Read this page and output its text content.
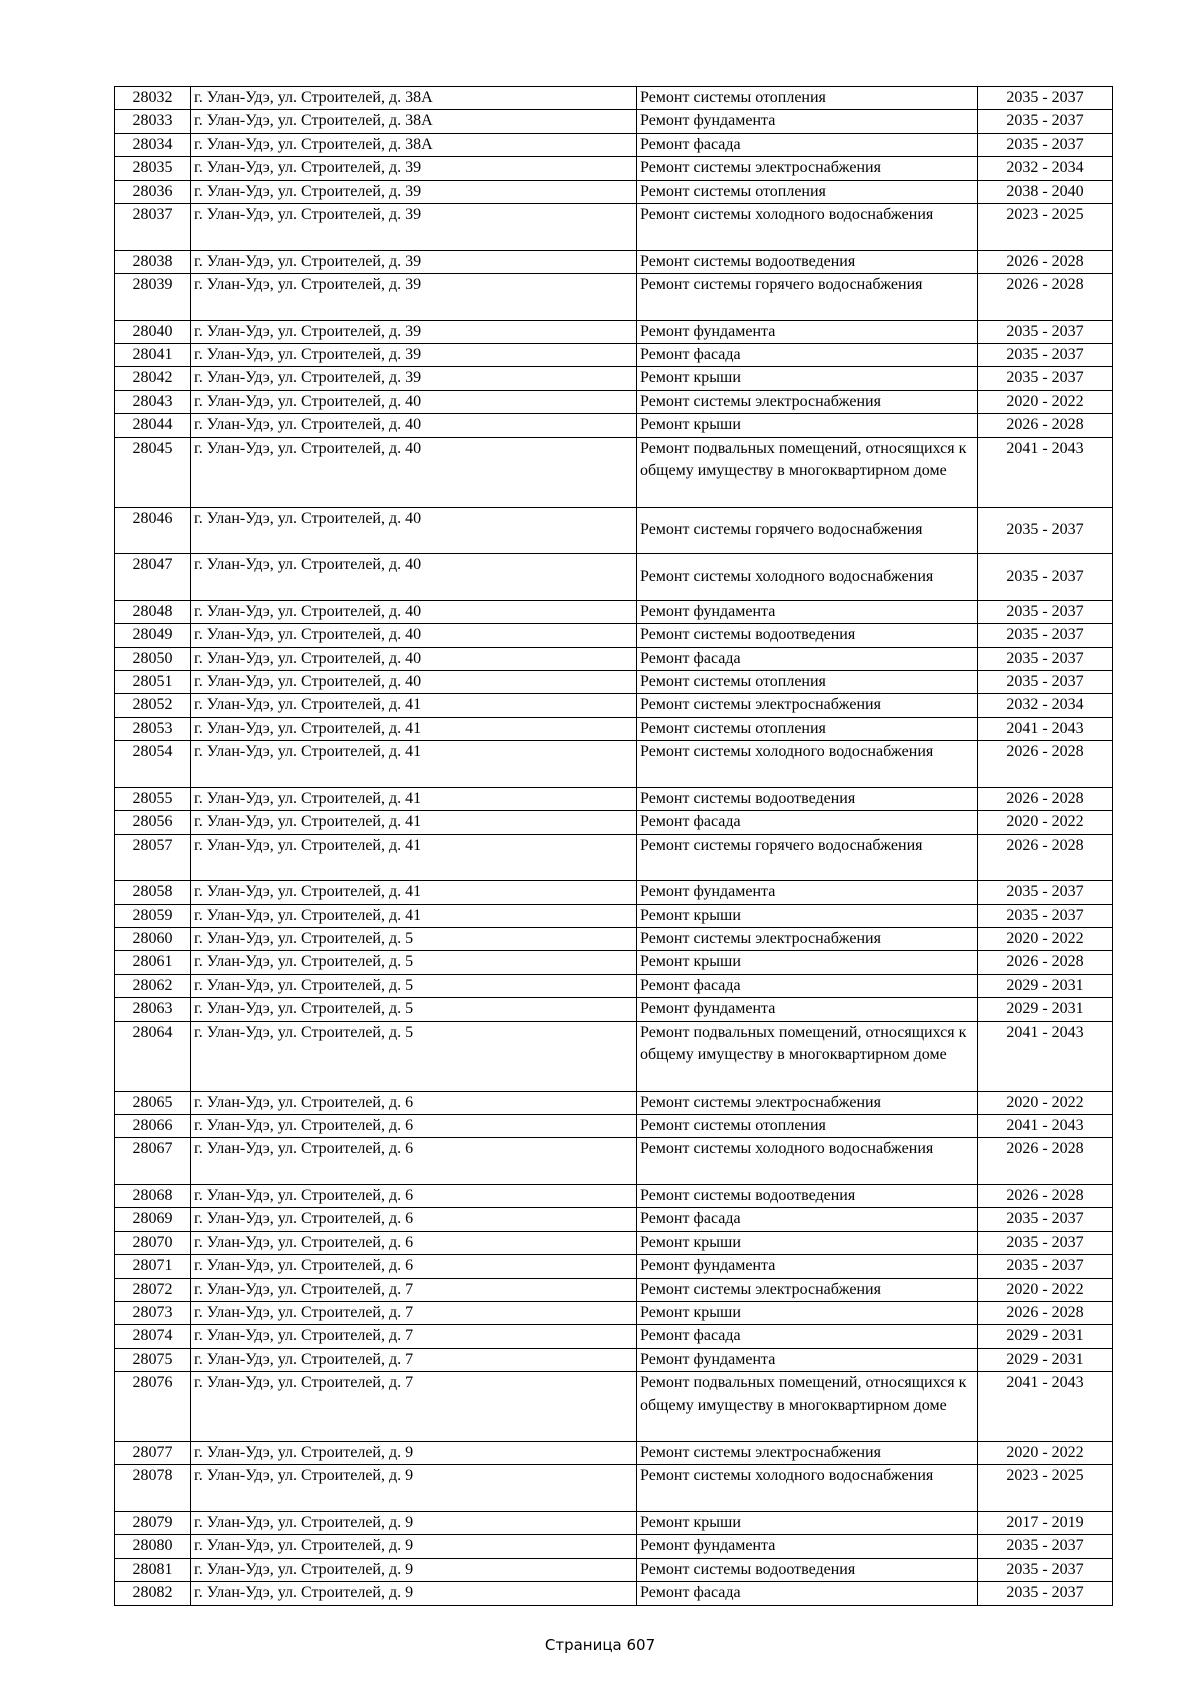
28032	г. Улан-Удэ, ул. Строителей, д. 38А	Ремонт системы отопления	2035 - 2037
28033	г. Улан-Удэ, ул. Строителей, д. 38А	Ремонт фундамента	2035 - 2037
28034	г. Улан-Удэ, ул. Строителей, д. 38А	Ремонт фасада	2035 - 2037
28035	г. Улан-Удэ, ул. Строителей, д. 39	Ремонт системы электроснабжения	2032 - 2034
28036	г. Улан-Удэ, ул. Строителей, д. 39	Ремонт системы отопления	2038 - 2040
28037	г. Улан-Удэ, ул. Строителей, д. 39	Ремонт системы холодного водоснабжения	2023 - 2025
28038	г. Улан-Удэ, ул. Строителей, д. 39	Ремонт системы водоотведения	2026 - 2028
28039	г. Улан-Удэ, ул. Строителей, д. 39	Ремонт системы горячего водоснабжения	2026 - 2028
28040	г. Улан-Удэ, ул. Строителей, д. 39	Ремонт фундамента	2035 - 2037
28041	г. Улан-Удэ, ул. Строителей, д. 39	Ремонт фасада	2035 - 2037
28042	г. Улан-Удэ, ул. Строителей, д. 39	Ремонт крыши	2035 - 2037
28043	г. Улан-Удэ, ул. Строителей, д. 40	Ремонт системы электроснабжения	2020 - 2022
28044	г. Улан-Удэ, ул. Строителей, д. 40	Ремонт крыши	2026 - 2028
28045	г. Улан-Удэ, ул. Строителей, д. 40	Ремонт подвальных помещений, относящихся к общему имуществу в многоквартирном доме	2041 - 2043
28046	г. Улан-Удэ, ул. Строителей, д. 40	Ремонт системы горячего водоснабжения	2035 - 2037
28047	г. Улан-Удэ, ул. Строителей, д. 40	Ремонт системы холодного водоснабжения	2035 - 2037
28048	г. Улан-Удэ, ул. Строителей, д. 40	Ремонт фундамента	2035 - 2037
28049	г. Улан-Удэ, ул. Строителей, д. 40	Ремонт системы водоотведения	2035 - 2037
28050	г. Улан-Удэ, ул. Строителей, д. 40	Ремонт фасада	2035 - 2037
28051	г. Улан-Удэ, ул. Строителей, д. 40	Ремонт системы отопления	2035 - 2037
28052	г. Улан-Удэ, ул. Строителей, д. 41	Ремонт системы электроснабжения	2032 - 2034
28053	г. Улан-Удэ, ул. Строителей, д. 41	Ремонт системы отопления	2041 - 2043
28054	г. Улан-Удэ, ул. Строителей, д. 41	Ремонт системы холодного водоснабжения	2026 - 2028
28055	г. Улан-Удэ, ул. Строителей, д. 41	Ремонт системы водоотведения	2026 - 2028
28056	г. Улан-Удэ, ул. Строителей, д. 41	Ремонт фасада	2020 - 2022
28057	г. Улан-Удэ, ул. Строителей, д. 41	Ремонт системы горячего водоснабжения	2026 - 2028
28058	г. Улан-Удэ, ул. Строителей, д. 41	Ремонт фундамента	2035 - 2037
28059	г. Улан-Удэ, ул. Строителей, д. 41	Ремонт крыши	2035 - 2037
28060	г. Улан-Удэ, ул. Строителей, д. 5	Ремонт системы электроснабжения	2020 - 2022
28061	г. Улан-Удэ, ул. Строителей, д. 5	Ремонт крыши	2026 - 2028
28062	г. Улан-Удэ, ул. Строителей, д. 5	Ремонт фасада	2029 - 2031
28063	г. Улан-Удэ, ул. Строителей, д. 5	Ремонт фундамента	2029 - 2031
28064	г. Улан-Удэ, ул. Строителей, д. 5	Ремонт подвальных помещений, относящихся к общему имуществу в многоквартирном доме	2041 - 2043
28065	г. Улан-Удэ, ул. Строителей, д. 6	Ремонт системы электроснабжения	2020 - 2022
28066	г. Улан-Удэ, ул. Строителей, д. 6	Ремонт системы отопления	2041 - 2043
28067	г. Улан-Удэ, ул. Строителей, д. 6	Ремонт системы холодного водоснабжения	2026 - 2028
28068	г. Улан-Удэ, ул. Строителей, д. 6	Ремонт системы водоотведения	2026 - 2028
28069	г. Улан-Удэ, ул. Строителей, д. 6	Ремонт фасада	2035 - 2037
28070	г. Улан-Удэ, ул. Строителей, д. 6	Ремонт крыши	2035 - 2037
28071	г. Улан-Удэ, ул. Строителей, д. 6	Ремонт фундамента	2035 - 2037
28072	г. Улан-Удэ, ул. Строителей, д. 7	Ремонт системы электроснабжения	2020 - 2022
28073	г. Улан-Удэ, ул. Строителей, д. 7	Ремонт крыши	2026 - 2028
28074	г. Улан-Удэ, ул. Строителей, д. 7	Ремонт фасада	2029 - 2031
28075	г. Улан-Удэ, ул. Строителей, д. 7	Ремонт фундамента	2029 - 2031
28076	г. Улан-Удэ, ул. Строителей, д. 7	Ремонт подвальных помещений, относящихся к общему имуществу в многоквартирном доме	2041 - 2043
28077	г. Улан-Удэ, ул. Строителей, д. 9	Ремонт системы электроснабжения	2020 - 2022
28078	г. Улан-Удэ, ул. Строителей, д. 9	Ремонт системы холодного водоснабжения	2023 - 2025
28079	г. Улан-Удэ, ул. Строителей, д. 9	Ремонт крыши	2017 - 2019
28080	г. Улан-Удэ, ул. Строителей, д. 9	Ремонт фундамента	2035 - 2037
28081	г. Улан-Удэ, ул. Строителей, д. 9	Ремонт системы водоотведения	2035 - 2037
28082	г. Улан-Удэ, ул. Строителей, д. 9	Ремонт фасада	2035 - 2037
Страница 607
